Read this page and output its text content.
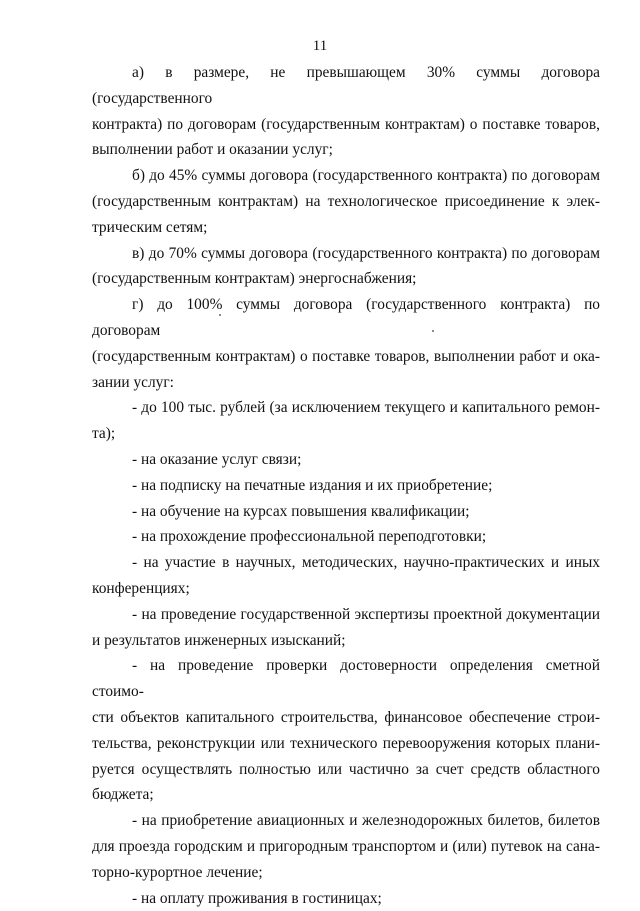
11
а) в размере, не превышающем 30% суммы договора (государственного
контракта) по договорам (государственным контрактам) о поставке товаров,
выполнении работ и оказании услуг;
б) до 45% суммы договора (государственного контракта) по договорам
(государственным контрактам) на технологическое присоединение к элек-
трическим сетям;
в) до 70% суммы договора (государственного контракта) по договорам
(государственным контрактам) энергоснабжения;
г) до 100% суммы договора (государственного контракта) по договорам
(государственным контрактам) о поставке товаров, выполнении работ и ока-
зании услуг:
- до 100 тыс. рублей (за исключением текущего и капитального ремон-
та);
- на оказание услуг связи;
- на подписку на печатные издания и их приобретение;
- на обучение на курсах повышения квалификации;
- на прохождение профессиональной переподготовки;
- на участие в научных, методических, научно-практических и иных
конференциях;
- на проведение государственной экспертизы проектной документации
и результатов инженерных изысканий;
- на проведение проверки достоверности определения сметной стоимо-
сти объектов капитального строительства, финансовое обеспечение строи-
тельства, реконструкции или технического перевооружения которых плани-
руется осуществлять полностью или частично за счет средств областного
бюджета;
- на приобретение авиационных и железнодорожных билетов, билетов
для проезда городским и пригородным транспортом и (или) путевок на сана-
торно-курортное лечение;
- на оплату проживания в гостиницах;
